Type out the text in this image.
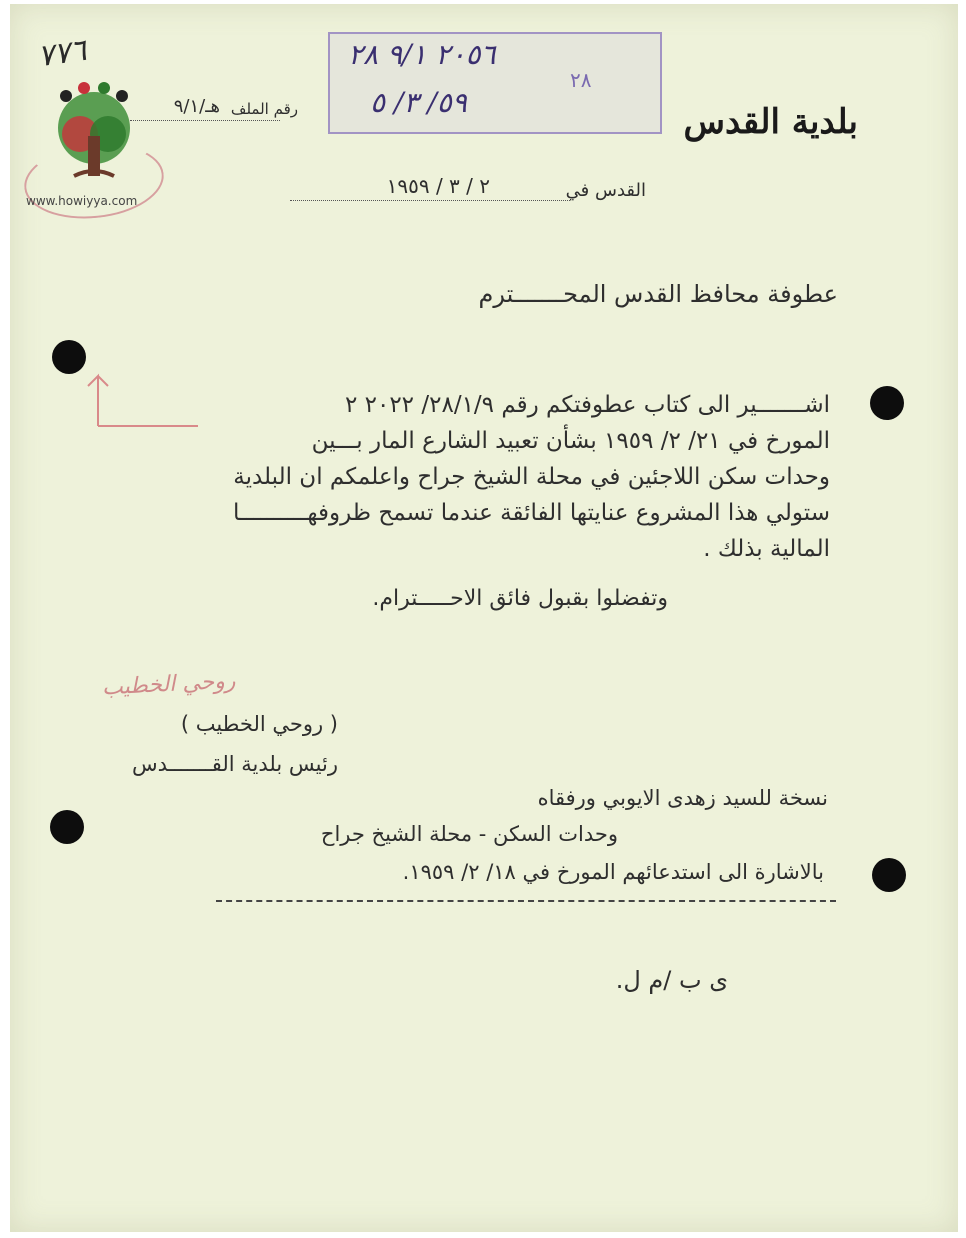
٧٧٦
www.howiyya.com
٢٠٥٦ ٩/١ ٢٨
٢٨
٥٩/ ٣/ ٥	بلدية القدس
رقم الملف
هـ/٩/١
القدس في
٢ / ٣ / ١٩٥٩
عطوفة محافظ القدس المحـــــــترم
اشـــــــير الى كتاب عطوفتكم رقم ٢٨/١/٩/ ٢٠٢٢ ٢
المورخ في ٢١/ ٢/ ١٩٥٩ بشأن تعبيد الشارع المار بـــين
وحدات سكن اللاجئين في محلة الشيخ جراح واعلمكم ان البلدية
ستولي هذا المشروع عنايتها الفائقة عندما تسمح ظروفهــــــــــا
المالية بذلك .
وتفضلوا بقبول فائق الاحـــــترام.
روحي الخطيب
( روحي الخطيب )
رئيس بلدية القـــــــدس
نسخة للسيد زهدى الايوبي ورفقاه
وحدات السكن - محلة الشيخ جراح
بالاشارة الى استدعائهم المورخ في ١٨/ ٢/ ١٩٥٩.
ى ب /م ل.
